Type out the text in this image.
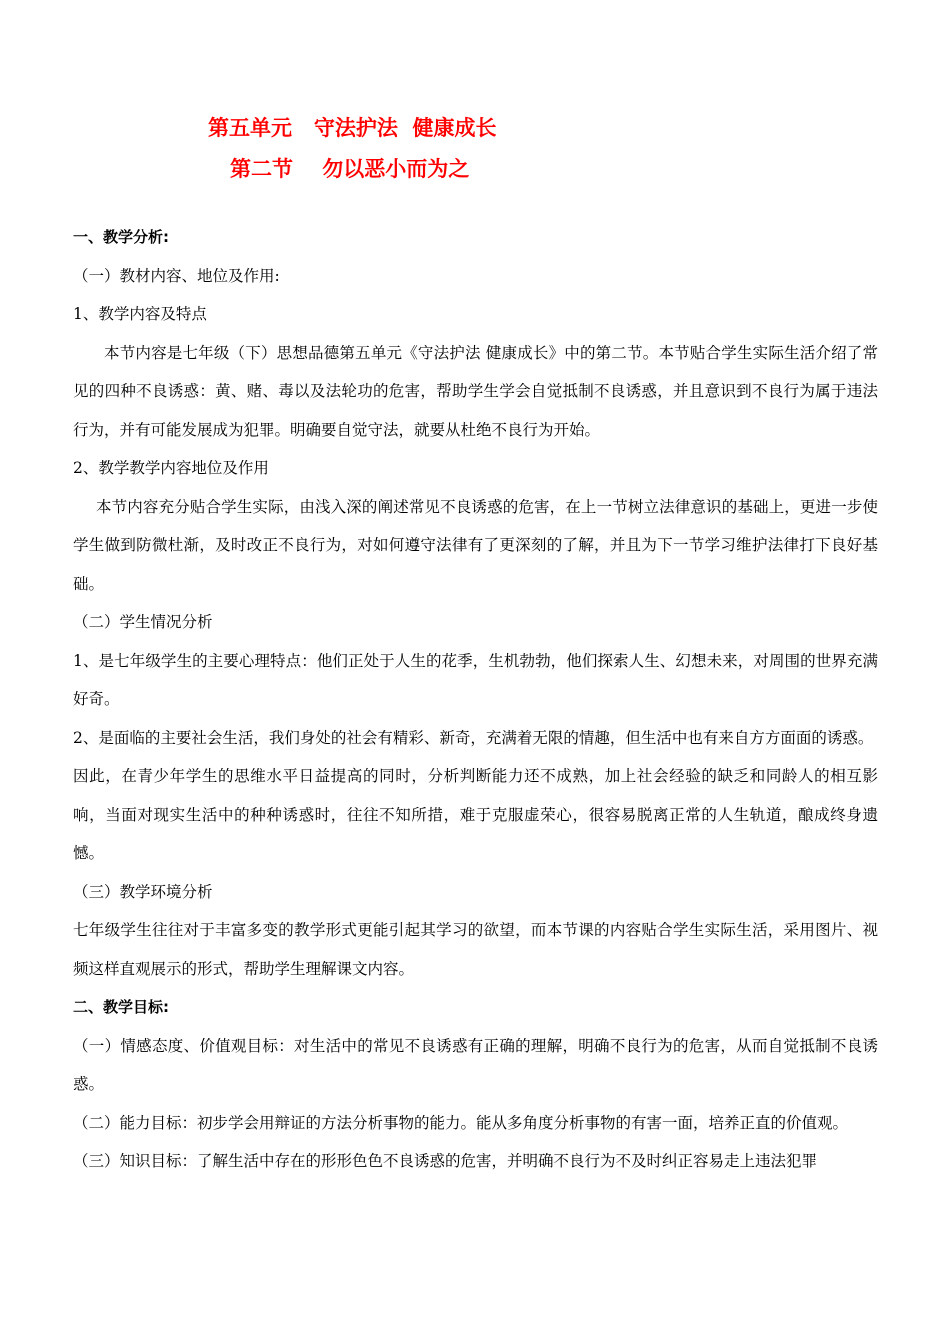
第五单元   守法护法  健康成长
第二节    勿以恶小而为之

一、教学分析:

（一）教材内容、地位及作用:

1、教学内容及特点

本节内容是七年级（下）思想品德第五单元《守法护法 健康成长》中的第二节。本节贴合学生实际生活介绍了常见的四种不良诱惑：黄、赌、毒以及法轮功的危害，帮助学生学会自觉抵制不良诱惑，并且意识到不良行为属于违法行为，并有可能发展成为犯罪。明确要自觉守法，就要从杜绝不良行为开始。

2、教学教学内容地位及作用

本节内容充分贴合学生实际，由浅入深的阐述常见不良诱惑的危害，在上一节树立法律意识的基础上，更进一步使学生做到防微杜渐，及时改正不良行为，对如何遵守法律有了更深刻的了解，并且为下一节学习维护法律打下良好基础。

（二）学生情况分析

1、是七年级学生的主要心理特点：他们正处于人生的花季，生机勃勃，他们探索人生、幻想未来，对周围的世界充满好奇。

2、是面临的主要社会生活，我们身处的社会有精彩、新奇，充满着无限的情趣，但生活中也有来自方方面面的诱惑。

因此，在青少年学生的思维水平日益提高的同时，分析判断能力还不成熟，加上社会经验的缺乏和同龄人的相互影响，当面对现实生活中的种种诱惑时，往往不知所措，难于克服虚荣心，很容易脱离正常的人生轨道，酿成终身遗憾。

（三）教学环境分析

七年级学生往往对于丰富多变的教学形式更能引起其学习的欲望，而本节课的内容贴合学生实际生活，采用图片、视频这样直观展示的形式，帮助学生理解课文内容。

二、教学目标:

（一）情感态度、价值观目标：对生活中的常见不良诱惑有正确的理解，明确不良行为的危害，从而自觉抵制不良诱惑。

（二）能力目标：初步学会用辩证的方法分析事物的能力。能从多角度分析事物的有害一面，培养正直的价值观。

（三）知识目标：了解生活中存在的形形色色不良诱惑的危害，并明确不良行为不及时纠正容易走上违法犯罪
